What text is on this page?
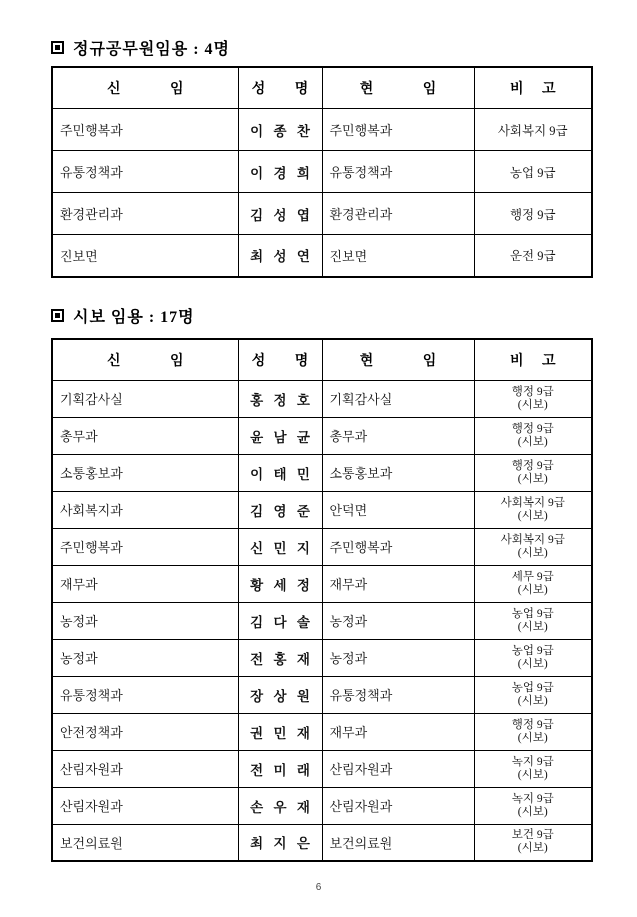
정규공무원임용 : 4명
신 임	성 명	현 임	비 고
주민행복과	이 종 찬	주민행복과	사회복지 9급
유통정책과	이 경 희	유통정책과	농업 9급
환경관리과	김 성 엽	환경관리과	행정 9급
진보면	최 성 연	진보면	운전 9급
시보 임용 : 17명
신 임	성 명	현 임	비 고
기획감사실	홍 정 호	기획감사실	행정 9급
(시보)

총무과	윤 남 균	총무과	행정 9급
(시보)

소통홍보과	이 태 민	소통홍보과	행정 9급
(시보)

사회복지과	김 영 준	안덕면	사회복지 9급
(시보)

주민행복과	신 민 지	주민행복과	사회복지 9급
(시보)

재무과	황 세 정	재무과	세무 9급
(시보)

농정과	김 다 솔	농정과	농업 9급
(시보)

농정과	전 홍 재	농정과	농업 9급
(시보)

유통정책과	장 상 원	유통정책과	농업 9급
(시보)

안전정책과	권 민 재	재무과	행정 9급
(시보)

산림자원과	전 미 래	산림자원과	녹지 9급
(시보)

산림자원과	손 우 재	산림자원과	녹지 9급
(시보)

보건의료원	최 지 은	보건의료원	보건 9급
(시보)
6
